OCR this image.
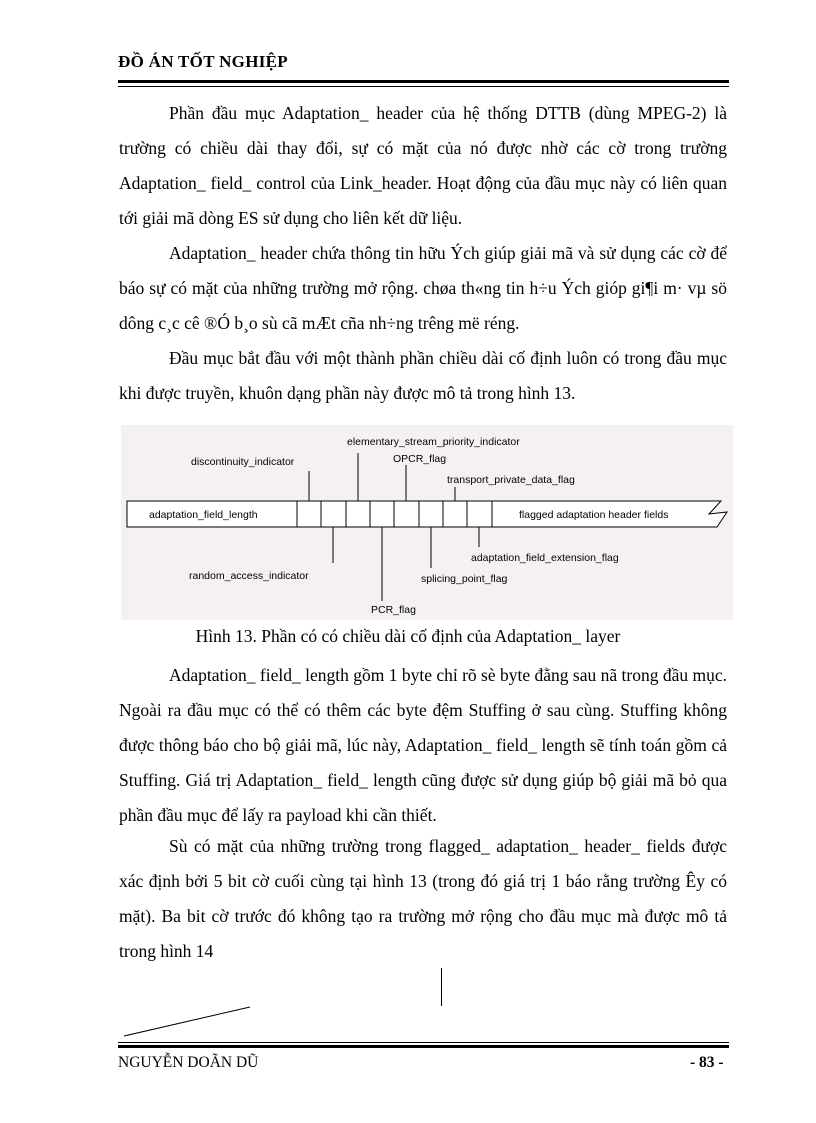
ĐỒ ÁN TỐT NGHIỆP

Phần đầu mục Adaptation_ header của hệ thống DTTB (dùng MPEG-2) là trường có chiều dài thay đổi, sự có mặt của nó được nhờ các cờ trong trường Adaptation_ field_ control của Link_header. Hoạt động của đầu mục này có liên quan tới giải mã dòng ES sử dụng cho liên kết dữ liệu.

Adaptation_ header chứa thông tin hữu Ých giúp giải mã và sử dụng các cờ để báo sự có mặt của những trường mở rộng. chøa th«ng tin h÷u Ých gióp gi¶i m· vµ sö dông c¸c cê ®Ó b¸o sù cã mÆt cña nh÷ng trêng më réng.

Đầu mục bắt đầu với một thành phần chiều dài cố định luôn có trong đầu mục khi được truyền, khuôn dạng phần này được mô tả trong hình 13.

adaptation_field_length	flagged adaptation header fields
discontinuity_indicator
elementary_stream_priority_indicator
OPCR_flag
transport_private_data_flag
random_access_indicator
PCR_flag
splicing_point_flag
adaptation_field_extension_flag
Hình 13. Phần có có chiều dài cố định của Adaptation_ layer

Adaptation_ field_ length gồm 1 byte chỉ rõ sè byte đằng sau nã trong đầu mục. Ngoài ra đầu mục có thể có thêm các byte đệm Stuffing ở sau cùng. Stuffing không được thông báo cho bộ giải mã, lúc này, Adaptation_ field_ length sẽ tính toán gồm cả Stuffing. Giá trị Adaptation_ field_ length cũng được sử dụng giúp bộ giải mã bỏ qua phần đầu mục để lấy ra payload khi cần thiết.

Sù có mặt của những trường trong flagged_ adaptation_ header_ fields được xác định bởi 5 bit cờ cuối cùng tại hình 13 (trong đó giá trị 1 báo rằng trường Êy có mặt). Ba bit cờ trước đó không tạo ra trường mở rộng cho đầu mục mà được mô tả trong hình 14

NGUYỄN DOÃN DŨ	- 83 -
